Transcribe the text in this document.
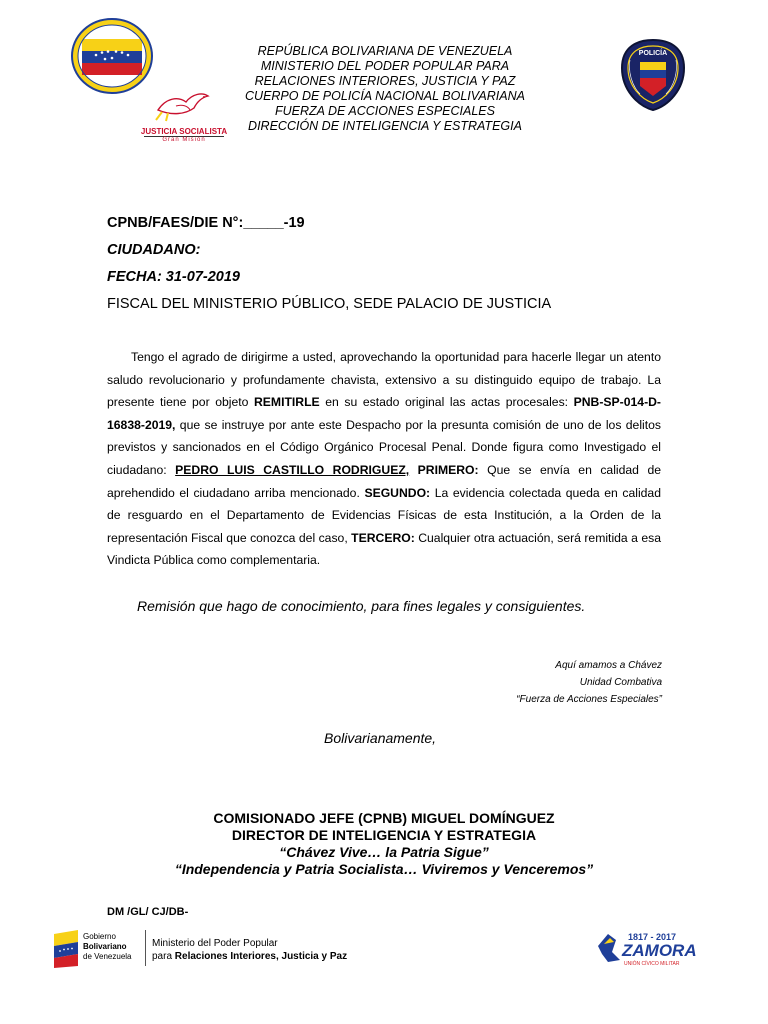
JUSTICIA SOCIALISTA
Gran Misión
REPÚBLICA BOLIVARIANA DE VENEZUELA
MINISTERIO DEL PODER POPULAR PARA
RELACIONES INTERIORES, JUSTICIA Y PAZ
CUERPO DE POLICÍA NACIONAL BOLIVARIANA
FUERZA DE ACCIONES ESPECIALES
DIRECCIÓN DE INTELIGENCIA Y ESTRATEGIA
POLICÍA
CPNB/FAES/DIE N°:_____-19
CIUDADANO:
FECHA: 31-07-2019
FISCAL DEL MINISTERIO PÚBLICO, SEDE PALACIO DE JUSTICIA

Tengo el agrado de dirigirme a usted, aprovechando la oportunidad para hacerle llegar un atento saludo revolucionario y profundamente chavista, extensivo a su distinguido equipo de trabajo. La presente tiene por objeto REMITIRLE en su estado original las actas procesales: PNB-SP-014-D-16838-2019, que se instruye por ante este Despacho por la presunta comisión de uno de los delitos previstos y sancionados en el Código Orgánico Procesal Penal. Donde figura como Investigado el ciudadano: PEDRO LUIS CASTILLO RODRIGUEZ, PRIMERO: Que se envía en calidad de aprehendido el ciudadano arriba mencionado. SEGUNDO: La evidencia colectada queda en calidad de resguardo en el Departamento de Evidencias Físicas de esta Institución, a la Orden de la representación Fiscal que conozca del caso, TERCERO: Cualquier otra actuación, será remitida a esa Vindicta Pública como complementaria.

Remisión que hago de conocimiento, para fines legales y consiguientes.
Aquí amamos a Chávez
Unidad Combativa
“Fuerza de Acciones Especiales”
Bolivarianamente,
COMISIONADO JEFE (CPNB) MIGUEL DOMÍNGUEZ
DIRECTOR DE INTELIGENCIA Y ESTRATEGIA
“Chávez Vive… la Patria Sigue”
“Independencia y Patria Socialista… Viviremos y Venceremos”
DM /GL/ CJ/DB-
Gobierno
Bolivariano
de Venezuela
Ministerio del Poder Popular
para Relaciones Interiores, Justicia y Paz
1817 - 2017
ZAMORA
UNIÓN CÍVICO MILITAR
